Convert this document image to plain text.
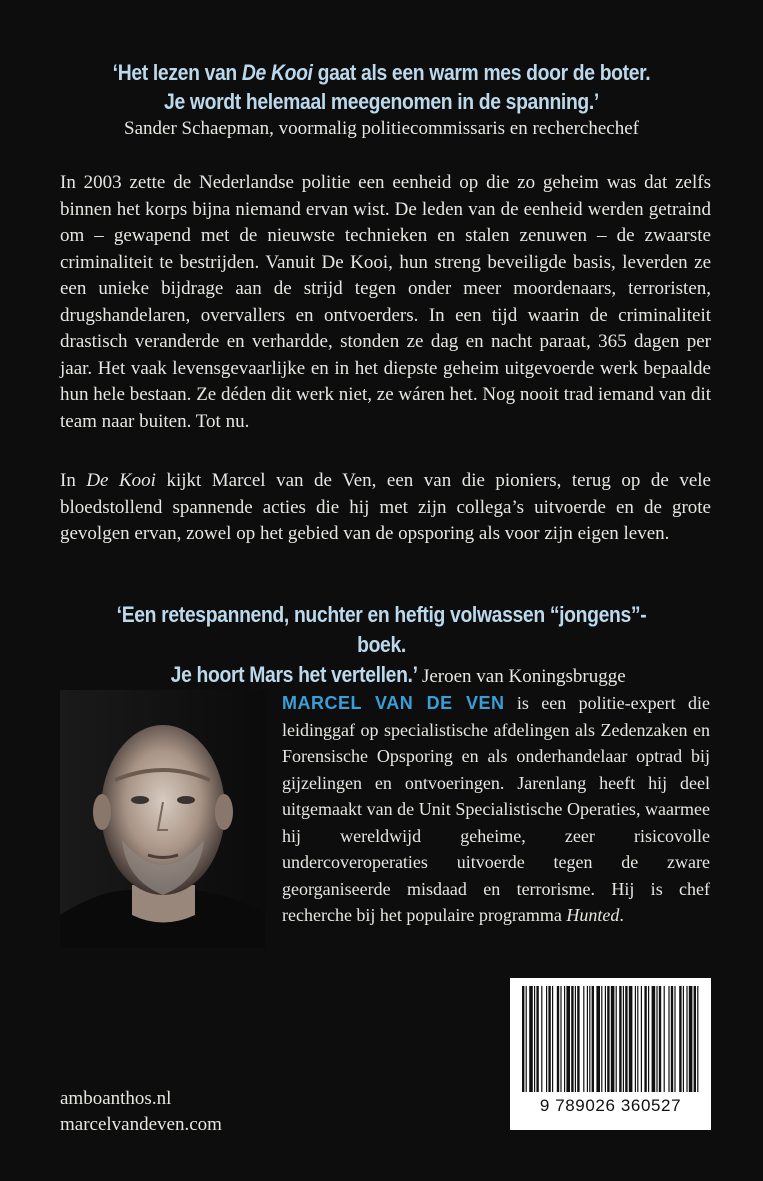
‘Het lezen van De Kooi gaat als een warm mes door de boter.
Je wordt helemaal meegenomen in de spanning.’
Sander Schaepman, voormalig politiecommissaris en recherchechef
In 2003 zette de Nederlandse politie een eenheid op die zo geheim was dat zelfs binnen het korps bijna niemand ervan wist. De leden van de eenheid werden getraind om – gewapend met de nieuwste technieken en stalen zenuwen – de zwaarste criminaliteit te bestrijden. Vanuit De Kooi, hun streng beveiligde basis, leverden ze een unieke bijdrage aan de strijd tegen onder meer moordenaars, terroristen, drugshandelaren, overvallers en ontvoerders. In een tijd waarin de criminaliteit drastisch veranderde en verhardde, stonden ze dag en nacht paraat, 365 dagen per jaar. Het vaak levensgevaarlijke en in het diepste geheim uitgevoerde werk bepaalde hun hele bestaan. Ze déden dit werk niet, ze wáren het. Nog nooit trad iemand van dit team naar buiten. Tot nu.
In De Kooi kijkt Marcel van de Ven, een van die pioniers, terug op de vele bloedstollend spannende acties die hij met zijn collega’s uitvoerde en de grote gevolgen ervan, zowel op het gebied van de opsporing als voor zijn eigen leven.
‘Een retespannend, nuchter en heftig volwassen “jongens”-boek.
Je hoort Mars het vertellen.’ Jeroen van Koningsbrugge
MARCEL VAN DE VEN is een politie-expert die leidinggaf op specialistische afdelingen als Zedenzaken en Forensische Opsporing en als onderhandelaar optrad bij gijzelingen en ontvoeringen. Jarenlang heeft hij deel uitgemaakt van de Unit Specialistische Operaties, waarmee hij wereldwijd geheime, zeer risicovolle undercoveroperaties uitvoerde tegen de zware georganiseerde misdaad en terrorisme. Hij is chef recherche bij het populaire programma Hunted.
amboanthos.nl
marcelvandeven.com
9 789026 360527
